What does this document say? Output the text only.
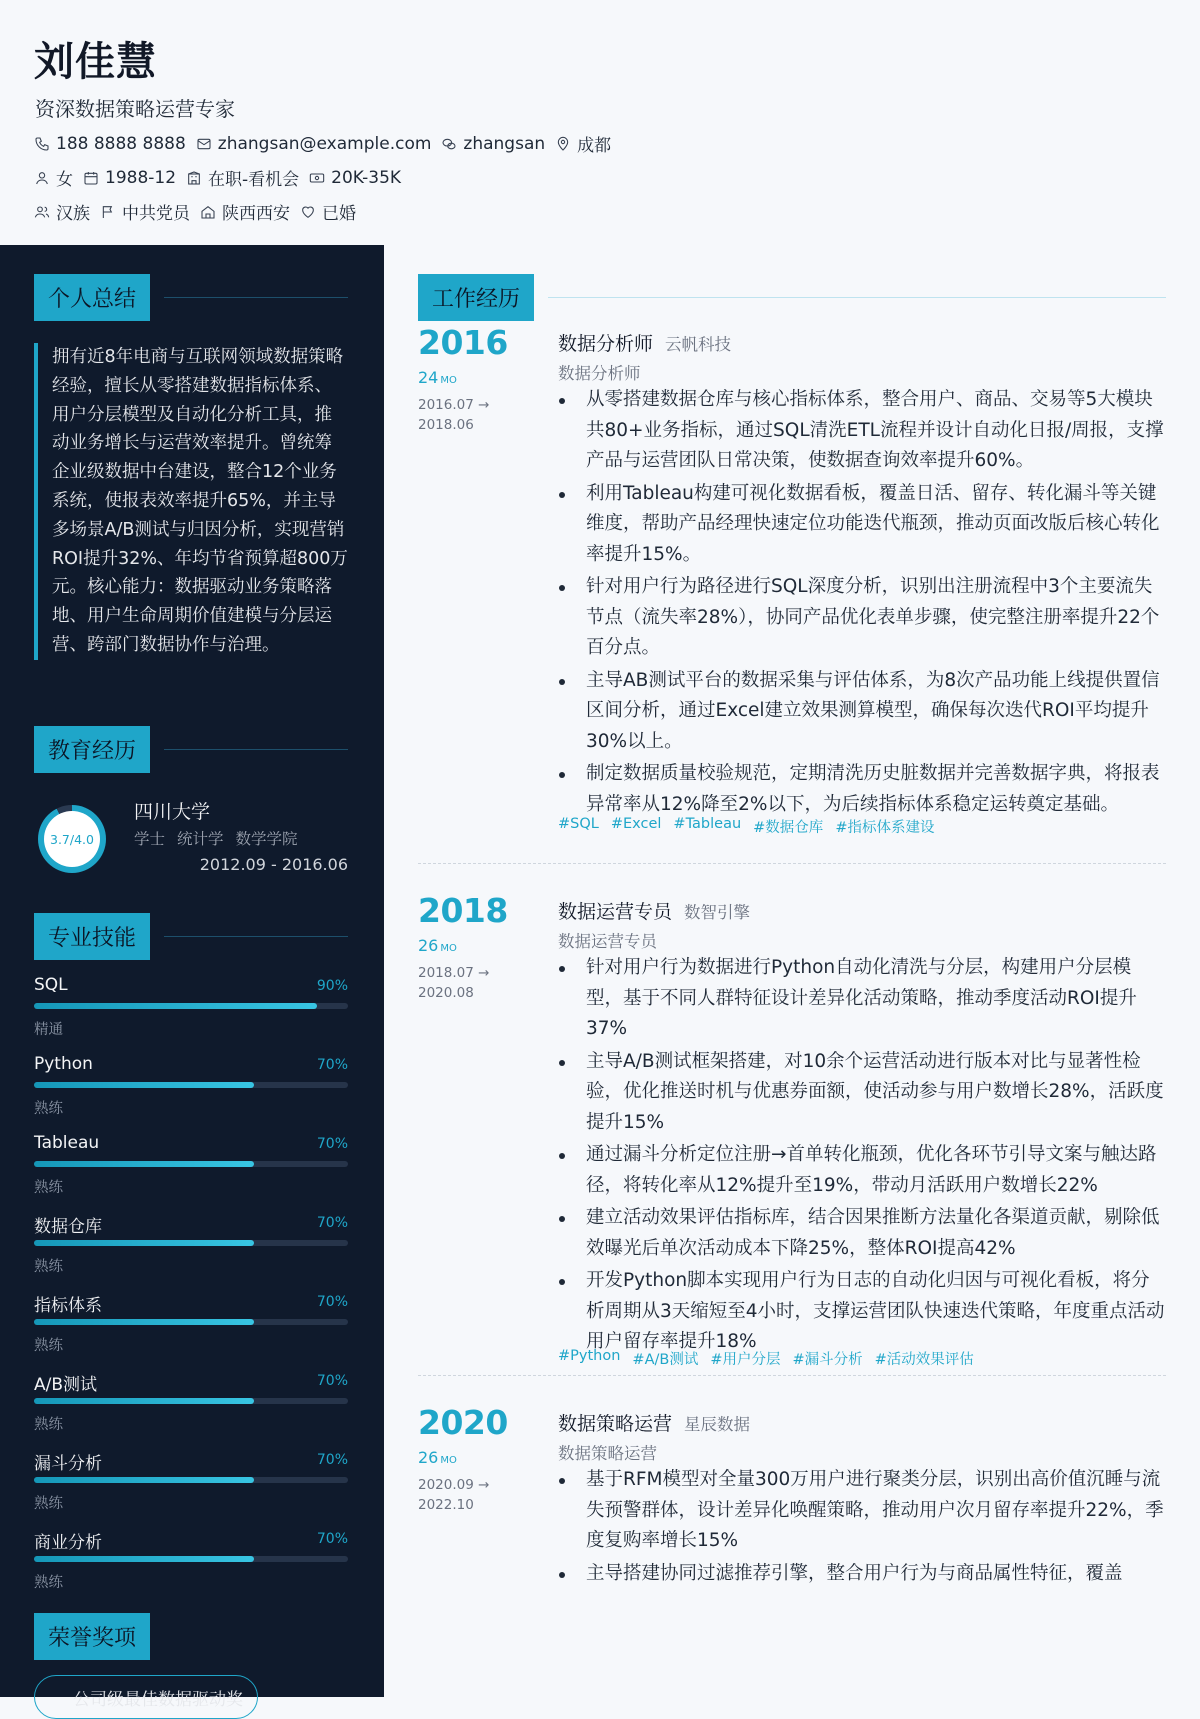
刘佳慧
资深数据策略运营专家
188 8888 8888 zhangsan@example.com zhangsan 成都
女 1988-12 在职-看机会 20K-35K
汉族 中共党员 陕西西安 已婚
个人总结
拥有近8年电商与互联网领域数据策略经验，擅长从零搭建数据指标体系、用户分层模型及自动化分析工具，推动业务增长与运营效率提升。曾统筹企业级数据中台建设，整合12个业务系统，使报表效率提升65%，并主导多场景A/B测试与归因分析，实现营销ROI提升32%、年均节省预算超800万元。核心能力：数据驱动业务策略落地、用户生命周期价值建模与分层运营、跨部门数据协作与治理。
教育经历
3.7/4.0
四川大学
学士 统计学 数学学院
2012.09 - 2016.06
专业技能
SQL	90%
精通
Python	70%
熟练
Tableau	70%
熟练
数据仓库	70%
熟练
指标体系	70%
熟练
A/B测试	70%
熟练
漏斗分析	70%
熟练
商业分析	70%
熟练
荣誉奖项
公司级最佳数据驱动奖
工作经历
2016
24 MO
2016.07 →
2018.06
数据分析师 云帆科技
数据分析师
从零搭建数据仓库与核心指标体系，整合用户、商品、交易等5大模块共80+业务指标，通过SQL清洗ETL流程并设计自动化日报/周报，支撑产品与运营团队日常决策，使数据查询效率提升60%。
利用Tableau构建可视化数据看板，覆盖日活、留存、转化漏斗等关键维度，帮助产品经理快速定位功能迭代瓶颈，推动页面改版后核心转化率提升15%。
针对用户行为路径进行SQL深度分析，识别出注册流程中3个主要流失节点（流失率28%），协同产品优化表单步骤，使完整注册率提升22个百分点。
主导AB测试平台的数据采集与评估体系，为8次产品功能上线提供置信区间分析，通过Excel建立效果测算模型，确保每次迭代ROI平均提升30%以上。
制定数据质量校验规范，定期清洗历史脏数据并完善数据字典，将报表异常率从12%降至2%以下，为后续指标体系稳定运转奠定基础。
#SQL #Excel #Tableau #数据仓库 #指标体系建设
2018
26 MO
2018.07 →
2020.08
数据运营专员 数智引擎
数据运营专员
针对用户行为数据进行Python自动化清洗与分层，构建用户分层模型，基于不同人群特征设计差异化活动策略，推动季度活动ROI提升37%
主导A/B测试框架搭建，对10余个运营活动进行版本对比与显著性检验，优化推送时机与优惠券面额，使活动参与用户数增长28%，活跃度提升15%
通过漏斗分析定位注册→首单转化瓶颈，优化各环节引导文案与触达路径，将转化率从12%提升至19%，带动月活跃用户数增长22%
建立活动效果评估指标库，结合因果推断方法量化各渠道贡献，剔除低效曝光后单次活动成本下降25%，整体ROI提高42%
开发Python脚本实现用户行为日志的自动化归因与可视化看板，将分析周期从3天缩短至4小时，支撑运营团队快速迭代策略，年度重点活动用户留存率提升18%
#Python #A/B测试 #用户分层 #漏斗分析 #活动效果评估
2020
26 MO
2020.09 →
2022.10
数据策略运营 星辰数据
数据策略运营
基于RFM模型对全量300万用户进行聚类分层，识别出高价值沉睡与流失预警群体，设计差异化唤醒策略，推动用户次月留存率提升22%，季度复购率增长15%
主导搭建协同过滤推荐引擎，整合用户行为与商品属性特征，覆盖
